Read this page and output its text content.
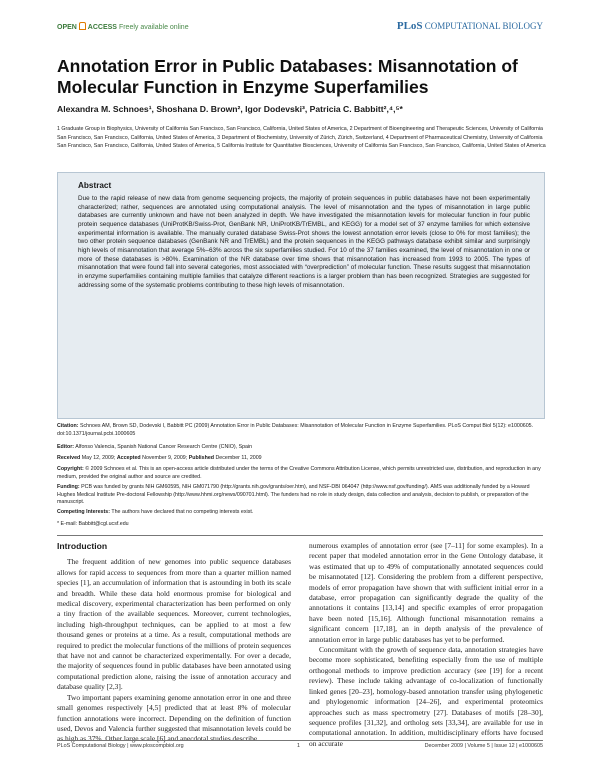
OPEN ACCESS Freely available online	PLoS COMPUTATIONAL BIOLOGY
Annotation Error in Public Databases: Misannotation of Molecular Function in Enzyme Superfamilies
Alexandra M. Schnoes¹, Shoshana D. Brown², Igor Dodevski³, Patricia C. Babbitt²,⁴,⁵*
1 Graduate Group in Biophysics, University of California San Francisco, San Francisco, California, United States of America, 2 Department of Bioengineering and Therapeutic Sciences, University of California San Francisco, San Francisco, California, United States of America, 3 Department of Biochemistry, University of Zürich, Zürich, Switzerland, 4 Department of Pharmaceutical Chemistry, University of California San Francisco, San Francisco, California, United States of America, 5 California Institute for Quantitative Biosciences, University of California San Francisco, San Francisco, California, United States of America
Abstract
Due to the rapid release of new data from genome sequencing projects, the majority of protein sequences in public databases have not been experimentally characterized; rather, sequences are annotated using computational analysis. The level of misannotation and the types of misannotation in large public databases are currently unknown and have not been analyzed in depth. We have investigated the misannotation levels for molecular function in four public protein sequence databases (UniProtKB/Swiss-Prot, GenBank NR, UniProtKB/TrEMBL, and KEGG) for a model set of 37 enzyme families for which extensive experimental information is available. The manually curated database Swiss-Prot shows the lowest annotation error levels (close to 0% for most families); the two other protein sequence databases (GenBank NR and TrEMBL) and the protein sequences in the KEGG pathways database exhibit similar and surprisingly high levels of misannotation that average 5%–63% across the six superfamilies studied. For 10 of the 37 families examined, the level of misannotation in one or more of these databases is >80%. Examination of the NR database over time shows that misannotation has increased from 1993 to 2005. The types of misannotation that were found fall into several categories, most associated with “overprediction” of molecular function. These results suggest that misannotation in enzyme superfamilies containing multiple families that catalyze different reactions is a larger problem than has been recognized. Strategies are suggested for addressing some of the systematic problems contributing to these high levels of misannotation.
Citation: Schnoes AM, Brown SD, Dodevski I, Babbitt PC (2009) Annotation Error in Public Databases: Misannotation of Molecular Function in Enzyme Superfamilies. PLoS Comput Biol 5(12): e1000605. doi:10.1371/journal.pcbi.1000605
Editor: Alfonso Valencia, Spanish National Cancer Research Centre (CNIO), Spain
Received May 12, 2009; Accepted November 9, 2009; Published December 11, 2009
Copyright: © 2009 Schnoes et al. This is an open-access article distributed under the terms of the Creative Commons Attribution License, which permits unrestricted use, distribution, and reproduction in any medium, provided the original author and source are credited.
Funding: PCB was funded by grants NIH GM60595, NIH GM071790 (http://grants.nih.gov/grants/oer.htm), and NSF-DBI 064047 (http://www.nsf.gov/funding/). AMS was additionally funded by a Howard Hughes Medical Institute Pre-doctoral Fellowship (http://www.hhmi.org/news/090701.html). The funders had no role in study design, data collection and analysis, decision to publish, or preparation of the manuscript.
Competing Interests: The authors have declared that no competing interests exist.
* E-mail: Babbitt@cgl.ucsf.edu
Introduction

The frequent addition of new genomes into public sequence databases allows for rapid access to sequences from more than a quarter million named species [1], an accumulation of information that is astounding in both its scale and breadth. While these data hold enormous promise for biological and medical discovery, experimental characterization has been performed on only a tiny fraction of the available sequences. Moreover, current technologies, including high-throughput techniques, can be applied to at most a few thousand genes or proteins at a time. As a result, computational methods are required to predict the molecular functions of the millions of protein sequences that have not and cannot be characterized experimentally. For over a decade, the majority of sequences found in public databases have been annotated using computational prediction alone, raising the issue of annotation accuracy and database quality [2,3].

Two important papers examining genome annotation error in one and three small genomes respectively [4,5] predicted that at least 8% of molecular function annotations were incorrect. Depending on the definition of function used, Devos and Valencia further suggested that misannotation levels could be as high as 37%. Other large scale [6] and anecdotal studies describe

numerous examples of annotation error (see [7–11] for some examples). In a recent paper that modeled annotation error in the Gene Ontology database, it was estimated that up to 49% of computationally annotated sequences could be misannotated [12]. Considering the problem from a different perspective, models of error propagation have shown that with sufficient initial error in a database, error propagation can significantly degrade the quality of the annotations it contains [13,14] and specific examples of error propagation have been noted [15,16]. Although functional misannotation remains a significant concern [17,18], an in depth analysis of the prevalence of annotation error in large public databases has yet to be performed.

Concomitant with the growth of sequence data, annotation strategies have become more sophisticated, benefiting especially from the use of multiple orthogonal methods to improve prediction accuracy (see [19] for a recent review). These include taking advantage of co-localization of functionally linked genes [20–23], homology-based annotation transfer using phylogenetic and phylogenomic information [24–26], and experimental proteomics approaches such as mass spectrometry [27]. Databases of motifs [28–30], sequence profiles [31,32], and ortholog sets [33,34], are available for use in computational annotation. In addition, multidisciplinary efforts have focused on accurate

PLoS Computational Biology | www.ploscompbiol.org	1	December 2009 | Volume 5 | Issue 12 | e1000605
